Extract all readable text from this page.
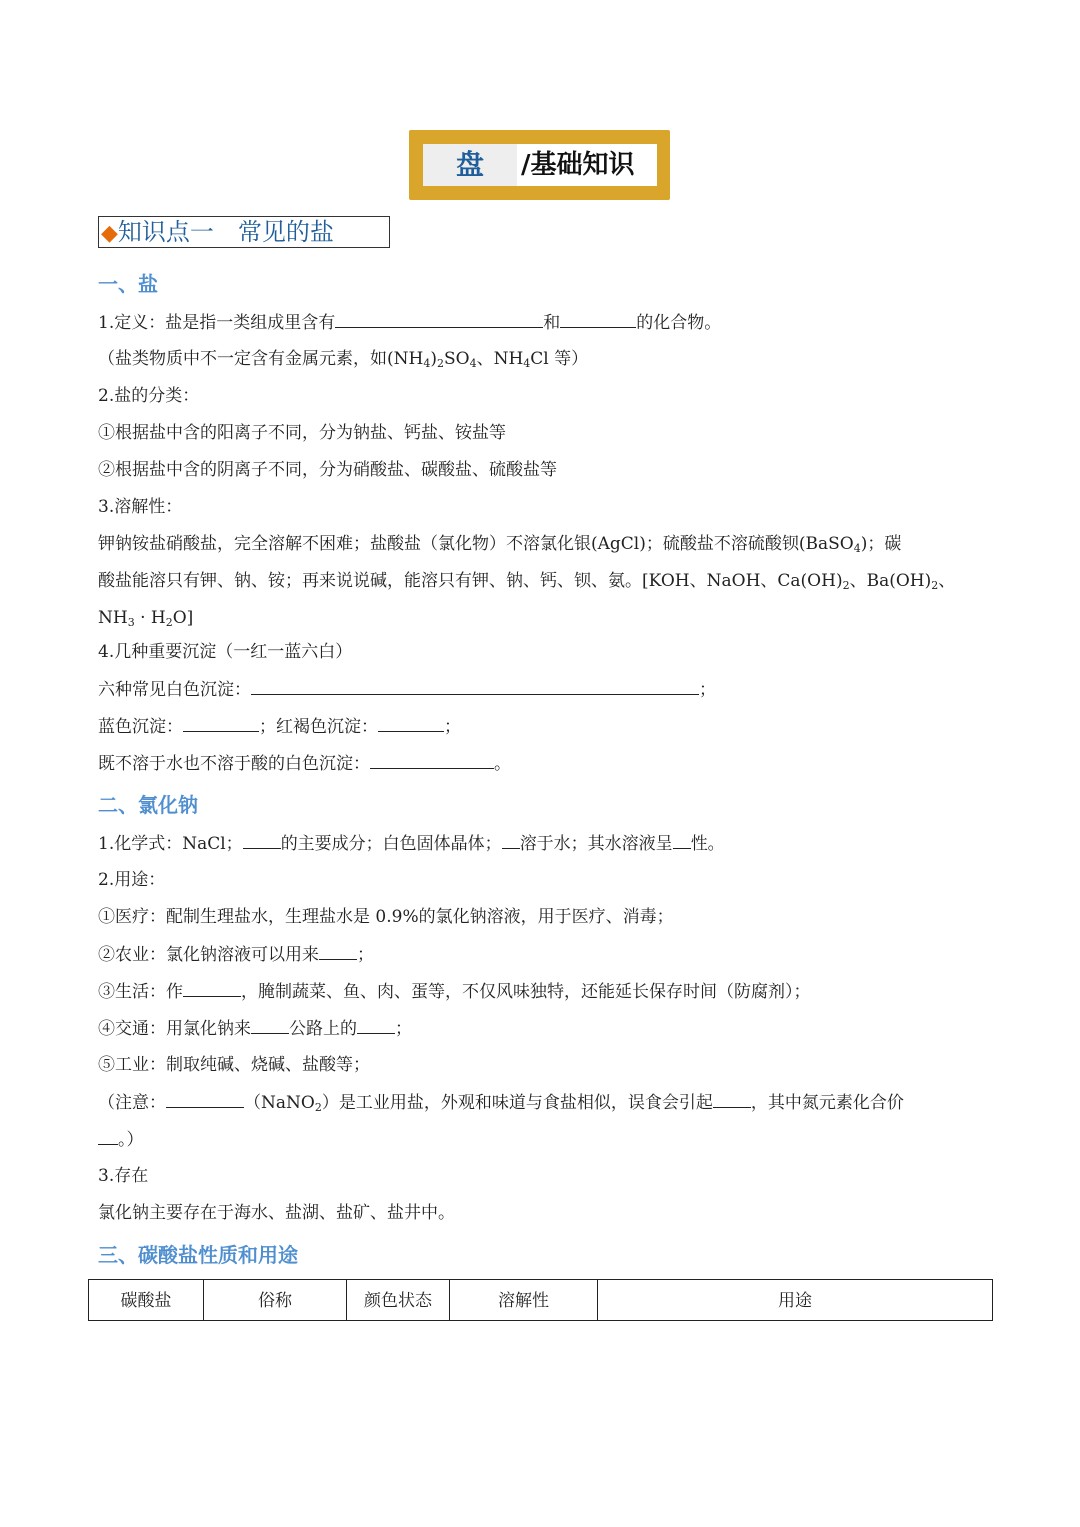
盘	/基础知识
◆知识点一　常见的盐
一、盐
1.定义：盐是指一类组成里含有	和	的化合物。
（盐类物质中不一定含有金属元素，如$(NH_4)_2SO_4$、$NH_4Cl$ 等）
2.盐的分类：
①根据盐中含的阳离子不同，分为钠盐、钙盐、铵盐等
②根据盐中含的阴离子不同，分为硝酸盐、碳酸盐、硫酸盐等
3.溶解性：
钾钠铵盐硝酸盐，完全溶解不困难；盐酸盐（氯化物）不溶氯化银(AgCl)；硫酸盐不溶硫酸钡(BaSO$_4$)；碳
酸盐能溶只有钾、钠、铵；再来说说碱，能溶只有钾、钠、钙、钡、氨。[KOH、NaOH、$Ca(OH)_2$、$Ba(OH)_2$、
$NH_3 \cdot H_2O$]
4.几种重要沉淀（一红一蓝六白）
六种常见白色沉淀：	；
蓝色沉淀：	；红褐色沉淀：	；
既不溶于水也不溶于酸的白色沉淀：	。
二、氯化钠
1.化学式：NaCl； 的主要成分；白色固体晶体； 溶于水；其水溶液呈 性。
2.用途：
①医疗：配制生理盐水，生理盐水是 0.9%的氯化钠溶液，用于医疗、消毒；
②农业：氯化钠溶液可以用来 ；
③生活：作	，腌制蔬菜、鱼、肉、蛋等，不仅风味独特，还能延长保存时间（防腐剂）；
④交通：用氯化钠来 公路上的 ；
⑤工业：制取纯碱、烧碱、盐酸等；
（注意：	（NaNO$_2$）是工业用盐，外观和味道与食盐相似，误食会引起 ，其中氮元素化合价
。）
3.存在
氯化钠主要存在于海水、盐湖、盐矿、盐井中。
三、碳酸盐性质和用途
碳酸盐	俗称	颜色状态	溶解性	用途
